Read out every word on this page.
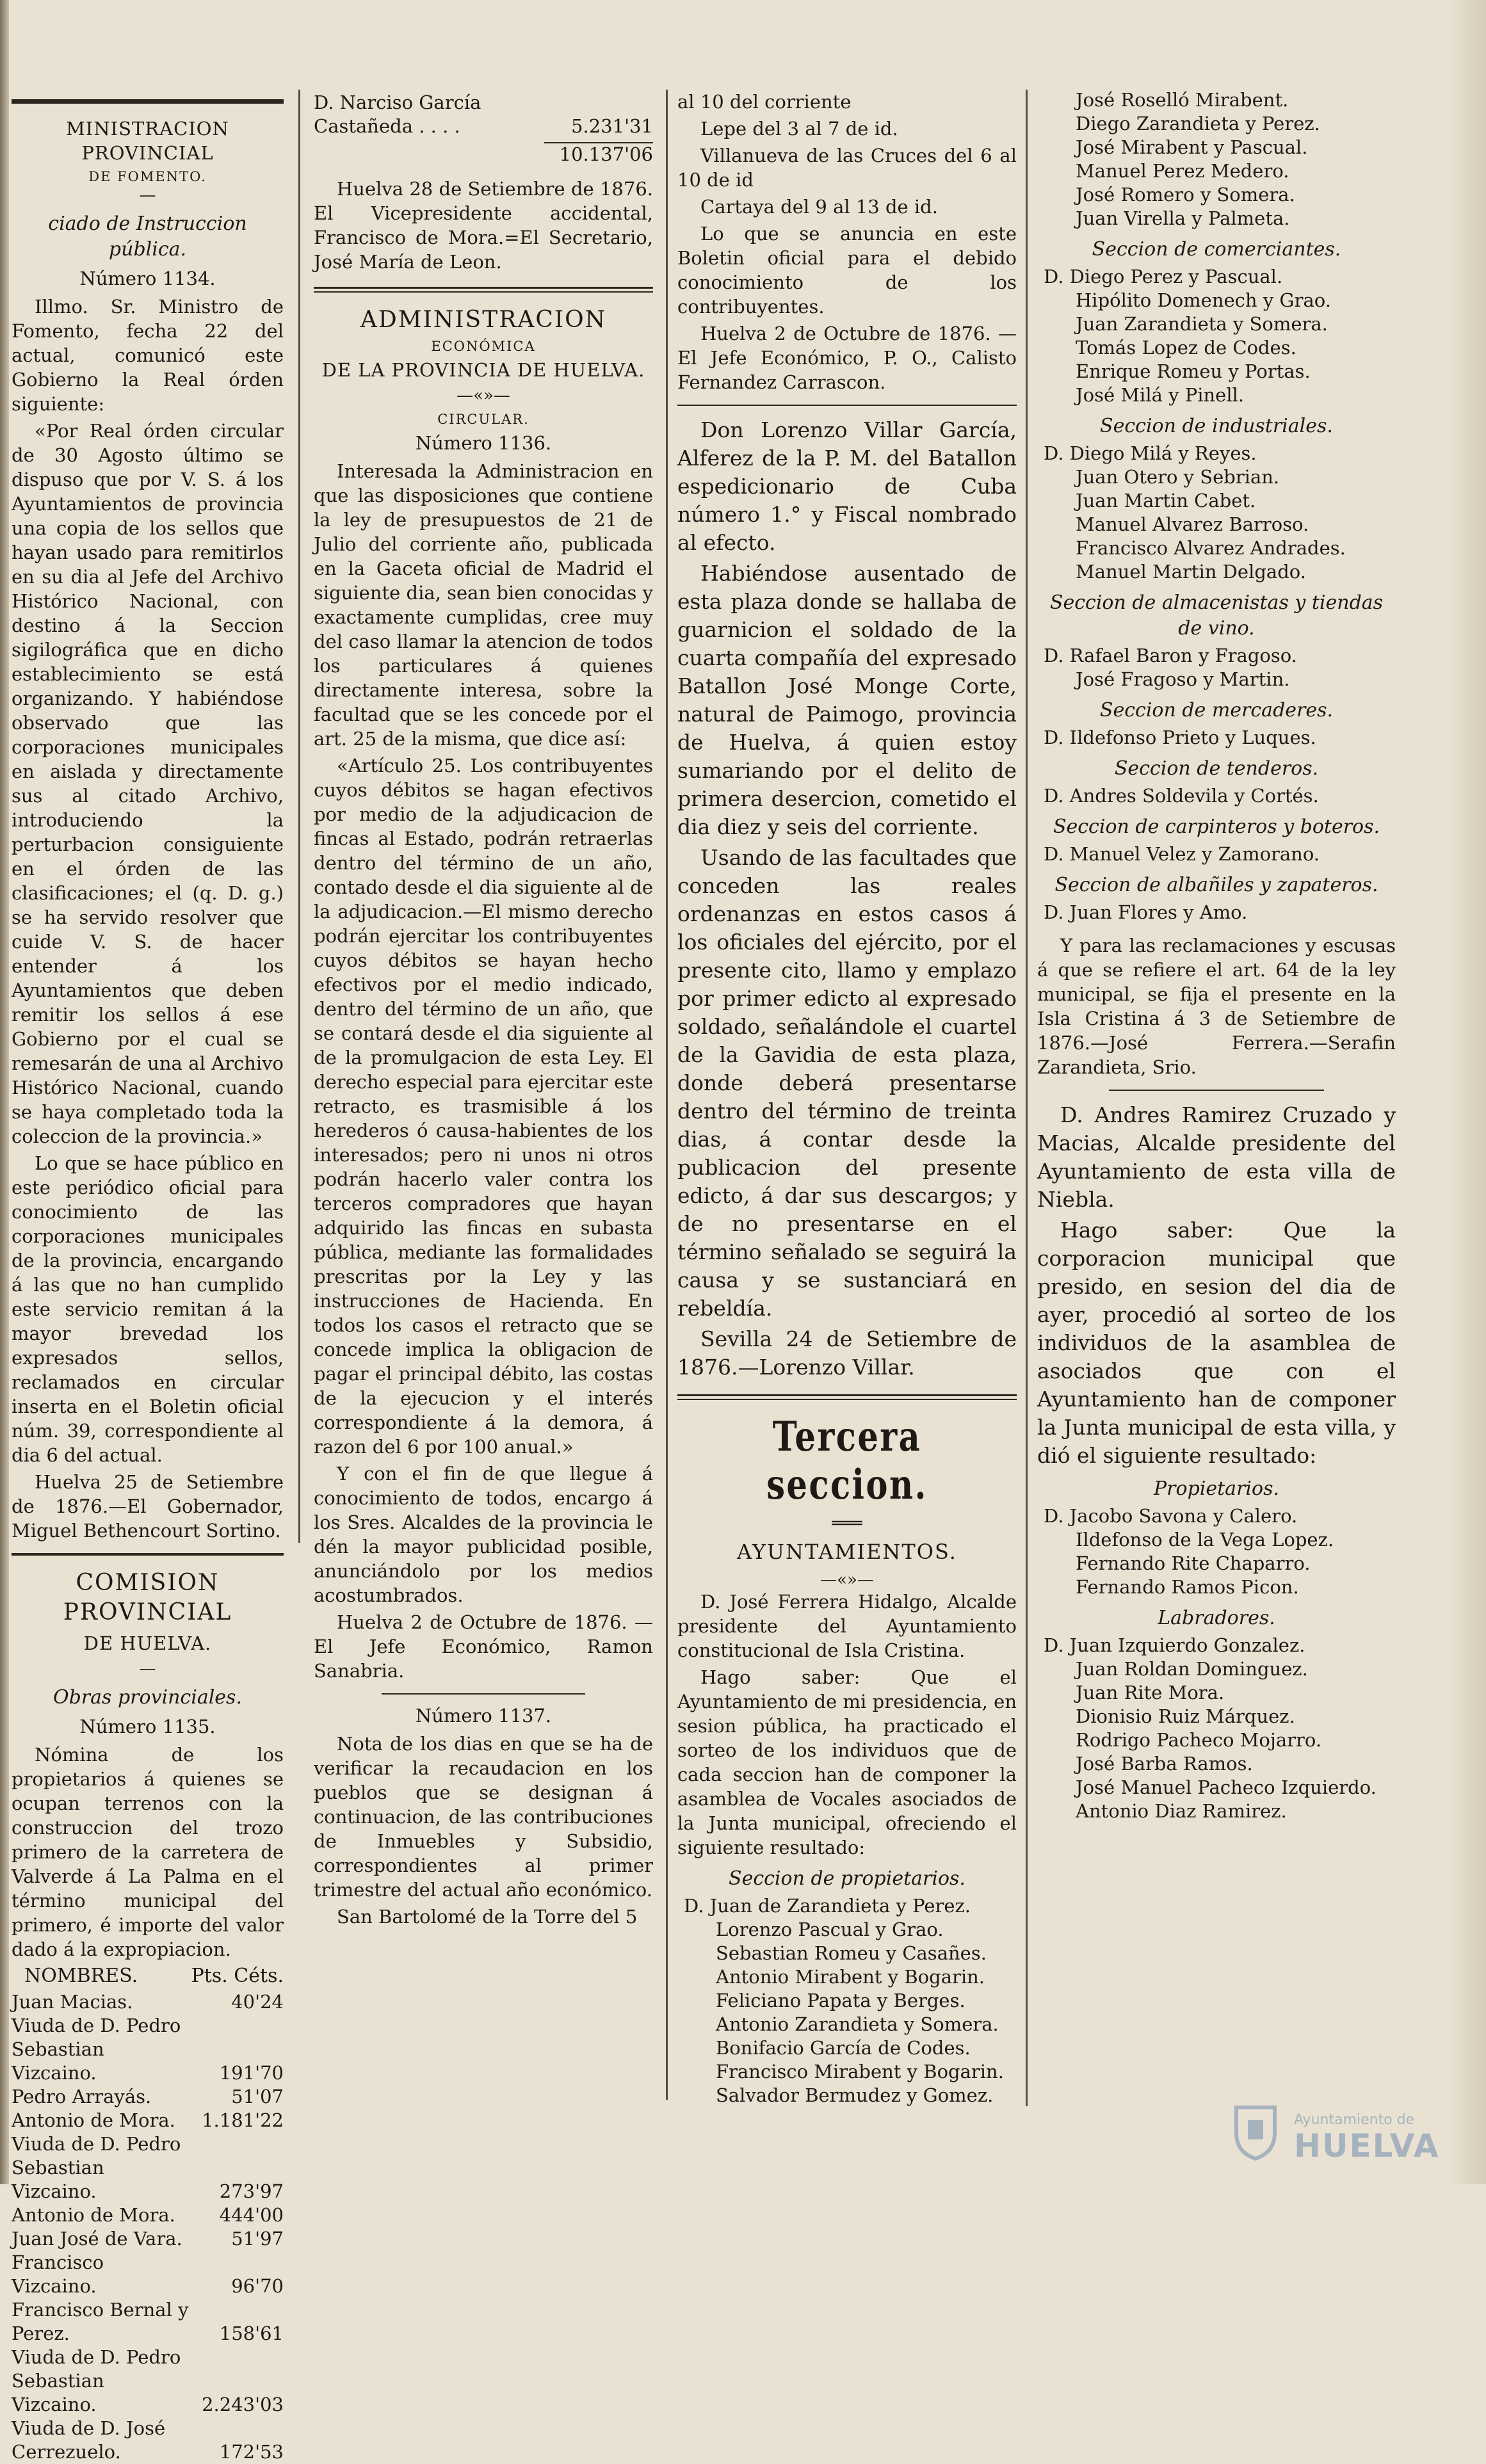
MINISTRACION PROVINCIAL
DE FOMENTO.
—
ciado de Instruccion pública.
Número 1134.

Illmo. Sr. Ministro de Fomento, fecha 22 del actual, comunicó este Gobierno la Real órden siguiente:

«Por Real órden circular de 30 Agosto último se dispuso que por V. S. á los Ayuntamientos de provincia una copia de los sellos que hayan usado para remitirlos en su dia al Jefe del Archivo Histórico Nacional, con destino á la Seccion sigilográfica que en dicho establecimiento se está organizando. Y habiéndose observado que las corporaciones municipales en aislada y directamente sus al citado Archivo, introduciendo la perturbacion consiguiente en el órden de las clasificaciones; el (q. D. g.) se ha servido resolver que cuide V. S. de hacer entender á los Ayuntamientos que deben remitir los sellos á ese Gobierno por el cual se remesarán de una al Archivo Histórico Nacional, cuando se haya completado toda la coleccion de la provincia.»

Lo que se hace público en este periódico oficial para conocimiento de las corporaciones municipales de la provincia, encargando á las que no han cumplido este servicio remitan á la mayor brevedad los expresados sellos, reclamados en circular inserta en el Boletin oficial núm. 39, correspondiente al dia 6 del actual.

Huelva 25 de Setiembre de 1876.—El Gobernador, Miguel Bethencourt Sortino.

COMISION PROVINCIAL
DE HUELVA.
—
Obras provinciales.
Número 1135.

Nómina de los propietarios á quienes se ocupan terrenos con la construccion del trozo primero de la carretera de Valverde á La Palma en el término municipal del primero, é importe del valor dado á la expropiacion.

NOMBRES.	Pts. Céts.
Juan Macias.	40'24
Viuda de D. Pedro Sebastian Vizcaino.	191'70
Pedro Arrayás.	51'07
Antonio de Mora.	1.181'22
Viuda de D. Pedro Sebastian Vizcaino.	273'97
Antonio de Mora.	444'00
Juan José de Vara.	51'97
Francisco Vizcaino.	96'70
Francisco Bernal y Perez.	158'61
Viuda de D. Pedro Sebastian Vizcaino.	2.243'03
Viuda de D. José Cerrezuelo.	172'53
D. Narciso García Castañeda . . . .	5.231'31
10.137'06

Huelva 28 de Setiembre de 1876. El Vicepresidente accidental, Francisco de Mora.=El Secretario, José María de Leon.

ADMINISTRACION
ECONÓMICA
DE LA PROVINCIA DE HUELVA.
—«»—
CIRCULAR.
Número 1136.

Interesada la Administracion en que las disposiciones que contiene la ley de presupuestos de 21 de Julio del corriente año, publicada en la Gaceta oficial de Madrid el siguiente dia, sean bien conocidas y exactamente cumplidas, cree muy del caso llamar la atencion de todos los particulares á quienes directamente interesa, sobre la facultad que se les concede por el art. 25 de la misma, que dice así:

«Artículo 25. Los contribuyentes cuyos débitos se hagan efectivos por medio de la adjudicacion de fincas al Estado, podrán retraerlas dentro del término de un año, contado desde el dia siguiente al de la adjudicacion.—El mismo derecho podrán ejercitar los contribuyentes cuyos débitos se hayan hecho efectivos por el medio indicado, dentro del término de un año, que se contará desde el dia siguiente al de la promulgacion de esta Ley. El derecho especial para ejercitar este retracto, es trasmisible á los herederos ó causa-habientes de los interesados; pero ni unos ni otros podrán hacerlo valer contra los terceros compradores que hayan adquirido las fincas en subasta pública, mediante las formalidades prescritas por la Ley y las instrucciones de Hacienda. En todos los casos el retracto que se concede implica la obligacion de pagar el principal débito, las costas de la ejecucion y el interés correspondiente á la demora, á razon del 6 por 100 anual.»

Y con el fin de que llegue á conocimiento de todos, encargo á los Sres. Alcaldes de la provincia le dén la mayor publicidad posible, anunciándolo por los medios acostumbrados.

Huelva 2 de Octubre de 1876. —El Jefe Económico, Ramon Sanabria.

Número 1137.

Nota de los dias en que se ha de verificar la recaudacion en los pueblos que se designan á continuacion, de las contribuciones de Inmuebles y Subsidio, correspondientes al primer trimestre del actual año económico.

San Bartolomé de la Torre del 5

al 10 del corriente

Lepe del 3 al 7 de id.

Villanueva de las Cruces del 6 al 10 de id

Cartaya del 9 al 13 de id.

Lo que se anuncia en este Boletin oficial para el debido conocimiento de los contribuyentes.

Huelva 2 de Octubre de 1876. —El Jefe Económico, P. O., Calisto Fernandez Carrascon.

Don Lorenzo Villar García, Alferez de la P. M. del Batallon espedicionario de Cuba número 1.° y Fiscal nombrado al efecto.

Habiéndose ausentado de esta plaza donde se hallaba de guarnicion el soldado de la cuarta compañía del expresado Batallon José Monge Corte, natural de Paimogo, provincia de Huelva, á quien estoy sumariando por el delito de primera desercion, cometido el dia diez y seis del corriente.

Usando de las facultades que conceden las reales ordenanzas en estos casos á los oficiales del ejército, por el presente cito, llamo y emplazo por primer edicto al expresado soldado, señalándole el cuartel de la Gavidia de esta plaza, donde deberá presentarse dentro del término de treinta dias, á contar desde la publicacion del presente edicto, á dar sus descargos; y de no presentarse en el término señalado se seguirá la causa y se sustanciará en rebeldía.

Sevilla 24 de Setiembre de 1876.—Lorenzo Villar.

Tercera seccion.
═══
AYUNTAMIENTOS.
—«»—

D. José Ferrera Hidalgo, Alcalde presidente del Ayuntamiento constitucional de Isla Cristina.

Hago saber: Que el Ayuntamiento de mi presidencia, en sesion pública, ha practicado el sorteo de los individuos que de cada seccion han de componer la asamblea de Vocales asociados de la Junta municipal, ofreciendo el siguiente resultado:

Seccion de propietarios.

D. Juan de Zarandieta y Perez.

Lorenzo Pascual y Grao.

Sebastian Romeu y Casañes.

Antonio Mirabent y Bogarin.

Feliciano Papata y Berges.

Antonio Zarandieta y Somera.

Bonifacio García de Codes.

Francisco Mirabent y Bogarin.

Salvador Bermudez y Gomez.

José Roselló Mirabent.

Diego Zarandieta y Perez.

José Mirabent y Pascual.

Manuel Perez Medero.

José Romero y Somera.

Juan Virella y Palmeta.

Seccion de comerciantes.

D. Diego Perez y Pascual.

Hipólito Domenech y Grao.

Juan Zarandieta y Somera.

Tomás Lopez de Codes.

Enrique Romeu y Portas.

José Milá y Pinell.

Seccion de industriales.

D. Diego Milá y Reyes.

Juan Otero y Sebrian.

Juan Martin Cabet.

Manuel Alvarez Barroso.

Francisco Alvarez Andrades.

Manuel Martin Delgado.

Seccion de almacenistas y tiendas de vino.

D. Rafael Baron y Fragoso.

José Fragoso y Martin.

Seccion de mercaderes.

D. Ildefonso Prieto y Luques.

Seccion de tenderos.

D. Andres Soldevila y Cortés.

Seccion de carpinteros y boteros.

D. Manuel Velez y Zamorano.

Seccion de albañiles y zapateros.

D. Juan Flores y Amo.

Y para las reclamaciones y escusas á que se refiere el art. 64 de la ley municipal, se fija el presente en la Isla Cristina á 3 de Setiembre de 1876.—José Ferrera.—Serafin Zarandieta, Srio.

D. Andres Ramirez Cruzado y Macias, Alcalde presidente del Ayuntamiento de esta villa de Niebla.

Hago saber: Que la corporacion municipal que presido, en sesion del dia de ayer, procedió al sorteo de los individuos de la asamblea de asociados que con el Ayuntamiento han de componer la Junta municipal de esta villa, y dió el siguiente resultado:

Propietarios.

D. Jacobo Savona y Calero.

Ildefonso de la Vega Lopez.

Fernando Rite Chaparro.

Fernando Ramos Picon.

Labradores.

D. Juan Izquierdo Gonzalez.

Juan Roldan Dominguez.

Juan Rite Mora.

Dionisio Ruiz Márquez.

Rodrigo Pacheco Mojarro.

José Barba Ramos.

José Manuel Pacheco Izquierdo.

Antonio Diaz Ramirez.

Ayuntamiento de
HUELVA
